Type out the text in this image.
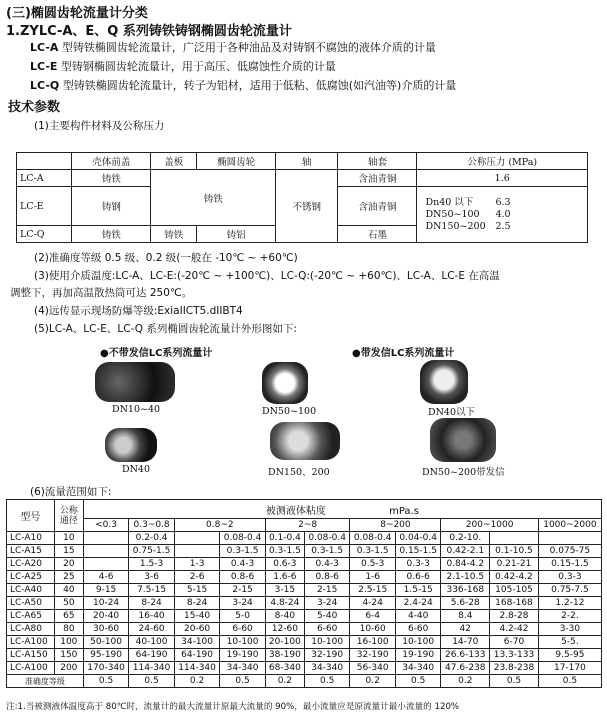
(三)椭圆齿轮流量计分类
1.ZYLC-A、E、Q 系列铸铁铸钢椭圆齿轮流量计
LC-A 型铸铁椭圆齿轮流量计，广泛用于各种油品及对铸钢不腐蚀的液体介质的计量
LC-E 型铸钢椭圆齿轮流量计，用于高压、低腐蚀性介质的计量
LC-Q 型铸铁椭圆齿轮流量计，转子为铝材，适用于低粘、低腐蚀(如汽油等)介质的计量
技术参数
(1)主要构件材料及公称压力
	壳体前盖	盖板	椭圆齿轮	轴	轴套	公称压力 (MPa)
LC-A	铸铁	铸铁		不锈钢	含油青铜	1.6
LC-E	铸钢				含油青铜	Dn40 以下 6.3
DN50~100 4.0
DN150~200 2.5

LC-Q	铸铁	铸铁	铸铝		石墨	
(2)准确度等级 0.5 级、0.2 级(一般在 -10℃ ~ +60℃)
(3)使用介质温度:LC-A、LC-E:(-20℃ ~ +100℃)、LC-Q:(-20℃ ~ +60℃)、LC-A、LC-E 在高温
调整下，再加高温散热筒可达 250℃。
(4)远传显示现场防爆等级:ExiaIICT5.dIIBT4
(5)LC-A、LC-E、LC-Q 系列椭圆齿轮流量计外形图如下:
●不带发信LC系列流量计	●带发信LC系列流量计
DN10~40	DN50~100	DN40以下
DN40	DN150、200	DN50~200带发信
(6)流量范围如下:
型号	公称通径	被测液体粘度 mPa.s										
		<0.3	0.3~0.8	0.8~2		2~8		8~200		200~1000		1000~2000
LC-A10	10		0.2-0.4		0.08-0.4	0.1-0.4	0.08-0.4	0.08-0.4	0.04-0.4	0.2-10.		
LC-A15	15		0.75-1.5		0.3-1.5	0.3-1.5	0.3-1.5	0.3-1.5	0.15-1.5	0.42-2.1	0.1-10.5	0.075-75
LC-A20	20		1.5-3	1-3	0.4-3	0.6-3	0.4-3	0.5-3	0.3-3	0.84-4.2	0.21-21	0.15-1.5
LC-A25	25	4-6	3-6	2-6	0.8-6	1.6-6	0.8-6	1-6	0.6-6	2.1-10.5	0.42-4.2	0.3-3
LC-A40	40	9-15	7.5-15	5-15	2-15	3-15	2-15	2.5-15	1.5-15	336-168	105-105	0.75-7.5
LC-A50	50	10-24	8-24	8-24	3-24	4.8-24	3-24	4-24	2.4-24	5.6-28	168-168	1.2-12
LC-A65	65	20-40	16-40	15-40	5-0	8-40	5-40	6-4	4-40	8.4	2.8-28	2-2.
LC-A80	80	30-60	24-60	20-60	6-60	12-60	6-60	10-60	6-60	42	4.2-42	3-30
LC-A100	100	50-100	40-100	34-100	10-100	20-100	10-100	16-100	10-100	14-70	6-70	5-5.
LC-A150	150	95-190	64-190	64-190	19-190	38-190	32-190	32-190	19-190	26.6-133	13.3-133	9.5-95
LC-A100	200	170-340	114-340	114-340	34-340	68-340	34-340	56-340	34-340	47.6-238	23.8-238	17-170
准确度等级		0.5	0.5	0.2	0.5	0.2	0.5	0.2	0.5	0.2	0.5	0.5
注:1.当被测液体温度高于 80℃时，流量计的最大流量计原最大流量的 90%，最小流量应是原流量计最小流量的 120%
